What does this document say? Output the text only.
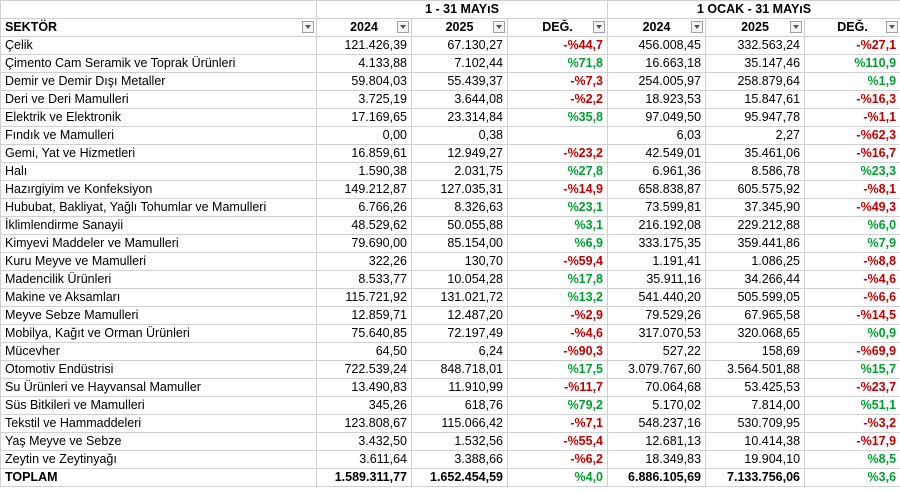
	1 - 31 MAYıS			1 OCAK - 31 MAYıS		
SEKTÖR	2024	2025	DEĞ.	2024	2025	DEĞ.

Çelik	121.426,39	67.130,27	-%44,7	456.008,45	332.563,24	-%27,1
Çimento Cam Seramik ve Toprak Ürünleri	4.133,88	7.102,44	%71,8	16.663,18	35.147,46	%110,9
Demir ve Demir Dışı Metaller	59.804,03	55.439,37	-%7,3	254.005,97	258.879,64	%1,9
Deri ve Deri Mamulleri	3.725,19	3.644,08	-%2,2	18.923,53	15.847,61	-%16,3
Elektrik ve Elektronik	17.169,65	23.314,84	%35,8	97.049,50	95.947,78	-%1,1
Fındık ve Mamulleri	0,00	0,38		6,03	2,27	-%62,3
Gemi, Yat ve Hizmetleri	16.859,61	12.949,27	-%23,2	42.549,01	35.461,06	-%16,7
Halı	1.590,38	2.031,75	%27,8	6.961,36	8.586,78	%23,3
Hazırgiyim ve Konfeksiyon	149.212,87	127.035,31	-%14,9	658.838,87	605.575,92	-%8,1
Hububat, Bakliyat, Yağlı Tohumlar ve Mamulleri	6.766,26	8.326,63	%23,1	73.599,81	37.345,90	-%49,3
İklimlendirme Sanayii	48.529,62	50.055,88	%3,1	216.192,08	229.212,88	%6,0
Kimyevi Maddeler ve Mamulleri	79.690,00	85.154,00	%6,9	333.175,35	359.441,86	%7,9
Kuru Meyve ve Mamulleri	322,26	130,70	-%59,4	1.191,41	1.086,25	-%8,8
Madencilik Ürünleri	8.533,77	10.054,28	%17,8	35.911,16	34.266,44	-%4,6
Makine ve Aksamları	115.721,92	131.021,72	%13,2	541.440,20	505.599,05	-%6,6
Meyve Sebze Mamulleri	12.859,71	12.487,20	-%2,9	79.529,26	67.965,58	-%14,5
Mobilya, Kağıt ve Orman Ürünleri	75.640,85	72.197,49	-%4,6	317.070,53	320.068,65	%0,9
Mücevher	64,50	6,24	-%90,3	527,22	158,69	-%69,9
Otomotiv Endüstrisi	722.539,24	848.718,01	%17,5	3.079.767,60	3.564.501,88	%15,7
Su Ürünleri ve Hayvansal Mamuller	13.490,83	11.910,99	-%11,7	70.064,68	53.425,53	-%23,7
Süs Bitkileri ve Mamulleri	345,26	618,76	%79,2	5.170,02	7.814,00	%51,1
Tekstil ve Hammaddeleri	123.808,67	115.066,42	-%7,1	548.237,16	530.709,95	-%3,2
Yaş Meyve ve Sebze	3.432,50	1.532,56	-%55,4	12.681,13	10.414,38	-%17,9
Zeytin ve Zeytinyağı	3.611,64	3.388,66	-%6,2	18.349,83	19.904,10	%8,5
TOPLAM	1.589.311,77	1.652.454,59	%4,0	6.886.105,69	7.133.756,06	%3,6
